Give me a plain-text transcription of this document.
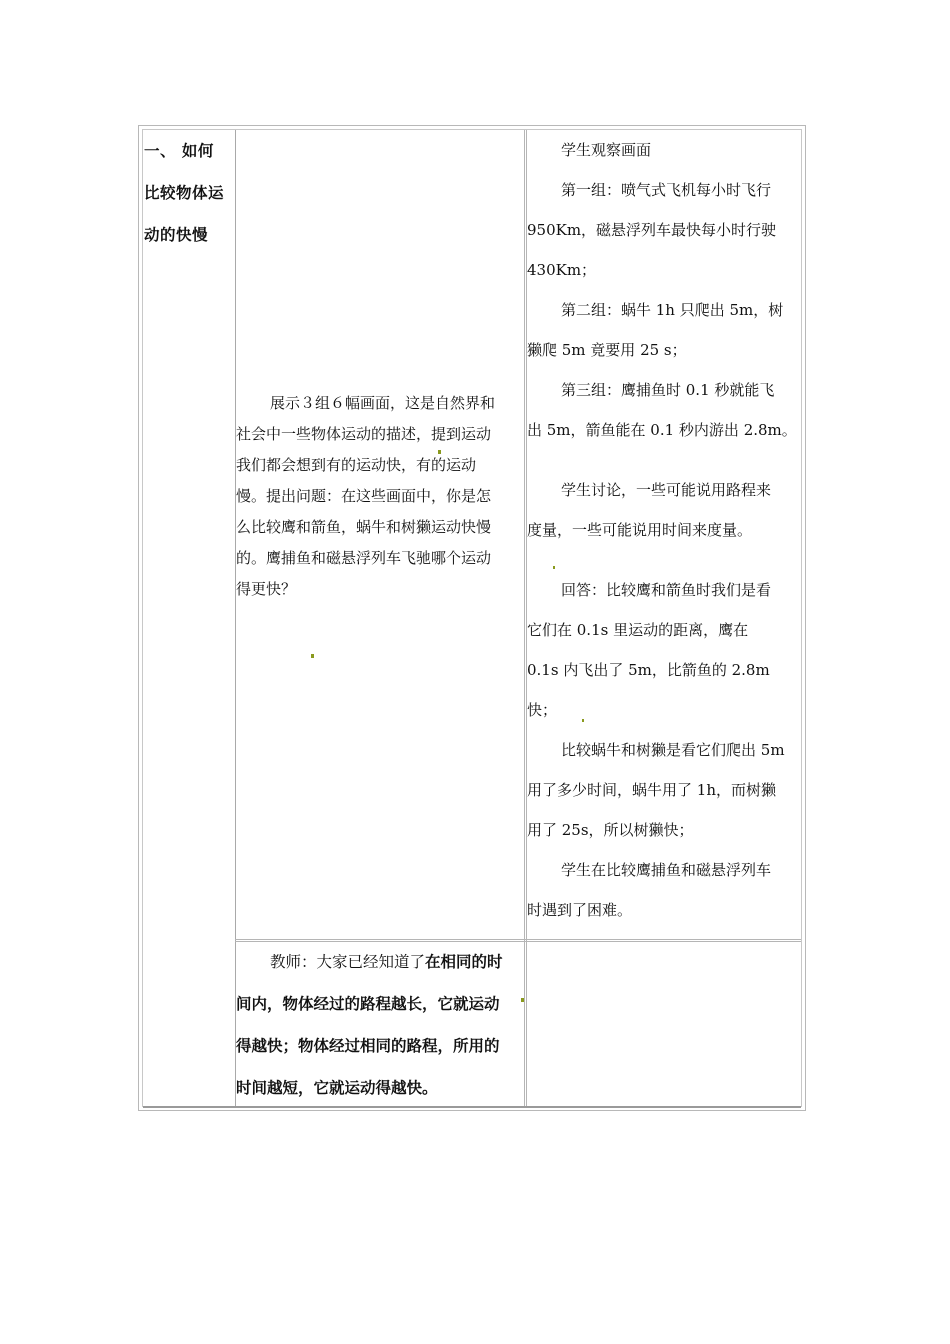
一、 如何
比较物体运
动的快慢

展示３组６幅画面，这是自然界和

社会中一些物体运动的描述，提到运动

我们都会想到有的运动快，有的运动

慢。提出问题：在这些画面中，你是怎

么比较鹰和箭鱼，蜗牛和树獭运动快慢

的。鹰捕鱼和磁悬浮列车飞驰哪个运动

得更快？

学生观察画面

第一组：喷气式飞机每小时飞行

950Km，磁悬浮列车最快每小时行驶

430Km；

第二组：蜗牛 1h 只爬出 5m，树

獭爬 5m 竟要用 25 s；

第三组：鹰捕鱼时 0.1 秒就能飞

出 5m，箭鱼能在 0.1 秒内游出 2.8m。

学生讨论，一些可能说用路程来

度量，一些可能说用时间来度量。

回答：比较鹰和箭鱼时我们是看

它们在 0.1s 里运动的距离，鹰在

0.1s 内飞出了 5m，比箭鱼的 2.8m

快；

比较蜗牛和树獭是看它们爬出 5m

用了多少时间，蜗牛用了 1h，而树獭

用了 25s，所以树獭快；

学生在比较鹰捕鱼和磁悬浮列车

时遇到了困难。

教师：大家已经知道了在相同的时
间内，物体经过的路程越长，它就运动
得越快；物体经过相同的路程，所用的
时间越短，它就运动得越快。
